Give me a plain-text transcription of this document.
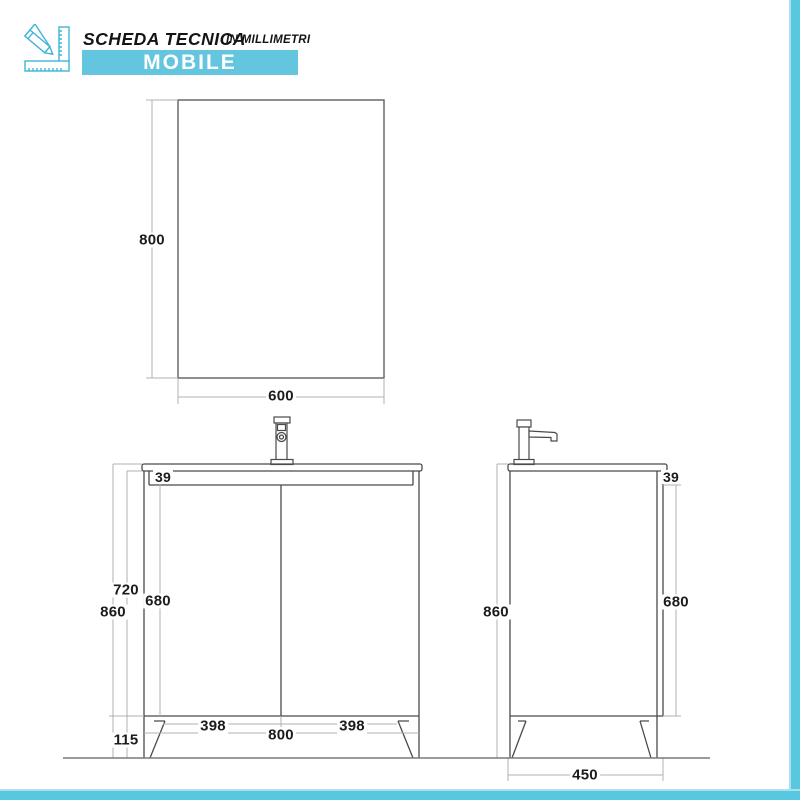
SCHEDA TECNICA
IN MILLIMETRI
MOBILE
800
600
39
720
860
680
115
398	398
800
860
39
680
450
